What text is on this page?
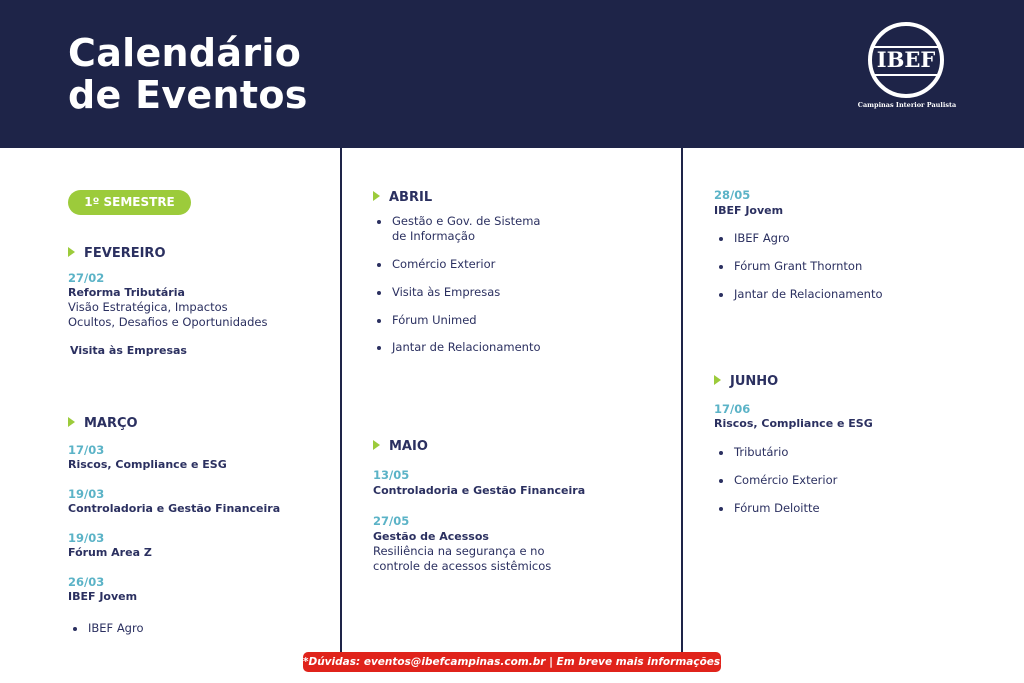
Calendário
de Eventos
IBEF
Campinas Interior Paulista
1º SEMESTRE
FEVEREIRO
27/02
Reforma Tributária
Visão Estratégica, Impactos
Ocultos, Desafios e Oportunidades
Visita às Empresas
MARÇO
17/03
Riscos, Compliance e ESG
19/03
Controladoria e Gestão Financeira
19/03
Fórum Area Z
26/03
IBEF Jovem
IBEF Agro
ABRIL
Gestão e Gov. de Sistema
de Informação
Comércio Exterior
Visita às Empresas
Fórum Unimed
Jantar de Relacionamento
MAIO
13/05
Controladoria e Gestão Financeira
27/05
Gestão de Acessos
Resiliência na segurança e no
controle de acessos sistêmicos
28/05
IBEF Jovem
IBEF Agro
Fórum Grant Thornton
Jantar de Relacionamento
JUNHO
17/06
Riscos, Compliance e ESG
Tributário
Comércio Exterior
Fórum Deloitte
*Dúvidas: eventos@ibefcampinas.com.br | Em breve mais informações!
